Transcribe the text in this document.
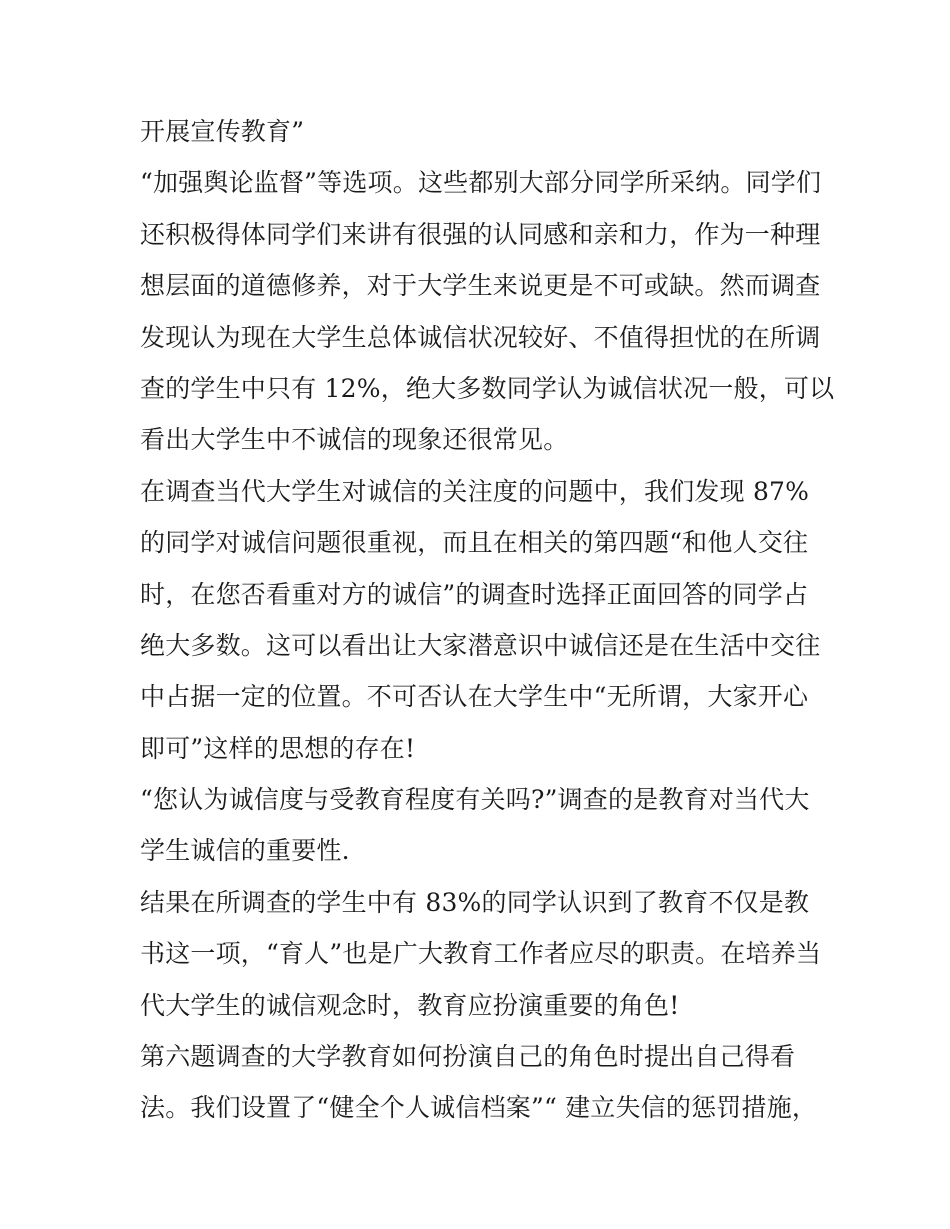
开展宣传教育”
“加强舆论监督”等选项。这些都别大部分同学所采纳。同学们
还积极得体同学们来讲有很强的认同感和亲和力，作为一种理
想层面的道德修养，对于大学生来说更是不可或缺。然而调查
发现认为现在大学生总体诚信状况较好、不值得担忧的在所调
查的学生中只有 12%，绝大多数同学认为诚信状况一般，可以
看出大学生中不诚信的现象还很常见。
在调查当代大学生对诚信的关注度的问题中，我们发现 87%
的同学对诚信问题很重视，而且在相关的第四题“和他人交往
时，在您否看重对方的诚信”的调查时选择正面回答的同学占
绝大多数。这可以看出让大家潜意识中诚信还是在生活中交往
中占据一定的位置。不可否认在大学生中“无所谓，大家开心
即可”这样的思想的存在!
“您认为诚信度与受教育程度有关吗?”调查的是教育对当代大
学生诚信的重要性.
结果在所调查的学生中有 83%的同学认识到了教育不仅是教
书这一项，“育人”也是广大教育工作者应尽的职责。在培养当
代大学生的诚信观念时，教育应扮演重要的角色!
第六题调查的大学教育如何扮演自己的角色时提出自己得看
法。我们设置了“健全个人诚信档案”“ 建立失信的惩罚措施，
